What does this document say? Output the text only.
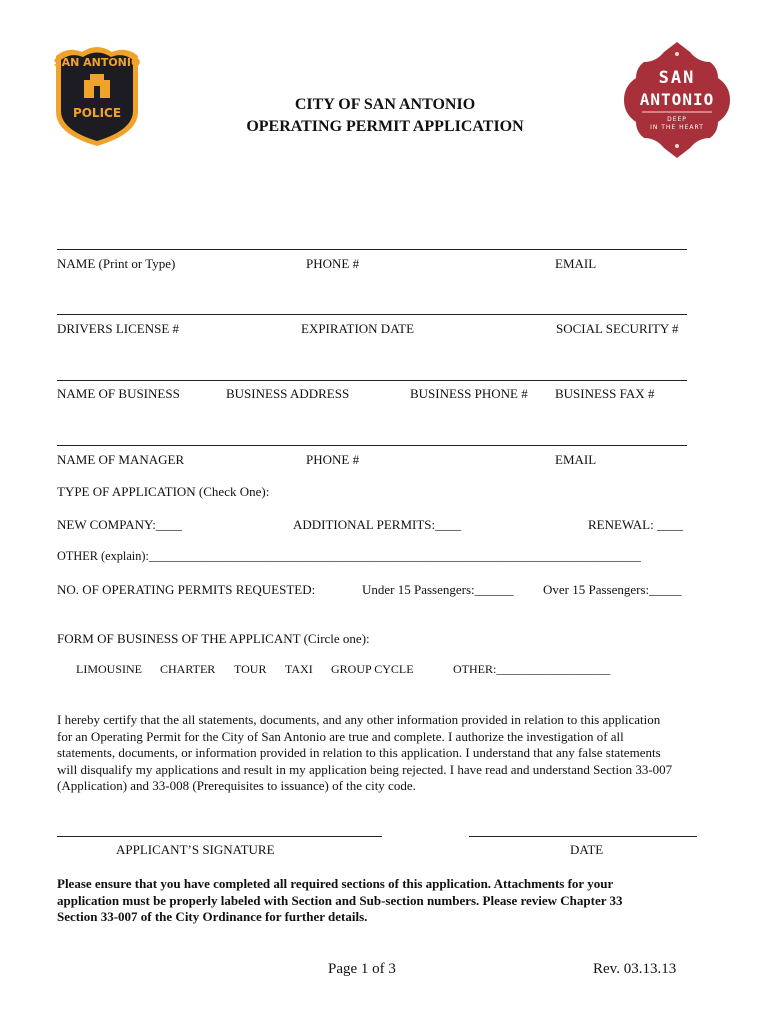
SAN ANTONIO
POLICE
SAN
ANTONIO
DEEP
IN THE HEART
CITY OF SAN ANTONIO
OPERATING PERMIT APPLICATION
NAME (Print or Type)	PHONE #	EMAIL
DRIVERS LICENSE #	EXPIRATION DATE	SOCIAL SECURITY #
NAME OF BUSINESS	BUSINESS ADDRESS	BUSINESS PHONE # BUSINESS FAX #
NAME OF MANAGER	PHONE #	EMAIL
TYPE OF APPLICATION (Check One):
NEW COMPANY:____	ADDITIONAL PERMITS:____	RENEWAL: ____
OTHER (explain):________________________________________________________________________________
NO. OF OPERATING PERMITS REQUESTED:	Under 15 Passengers:______ Over 15 Passengers:_____
FORM OF BUSINESS OF THE APPLICANT (Circle one):
LIMOUSINE CHARTER TOUR TAXI GROUP CYCLE	OTHER:___________________
I hereby certify that the all statements, documents, and any other information provided in relation to this application
for an Operating Permit for the City of San Antonio are true and complete. I authorize the investigation of all
statements, documents, or information provided in relation to this application. I understand that any false statements
will disqualify my applications and result in my application being rejected. I have read and understand Section 33-007
(Application) and 33-008 (Prerequisites to issuance) of the city code.
APPLICANT’S SIGNATURE	DATE
Please ensure that you have completed all required sections of this application. Attachments for your
application must be properly labeled with Section and Sub-section numbers. Please review Chapter 33
Section 33-007 of the City Ordinance for further details.
Page 1 of 3	Rev. 03.13.13
